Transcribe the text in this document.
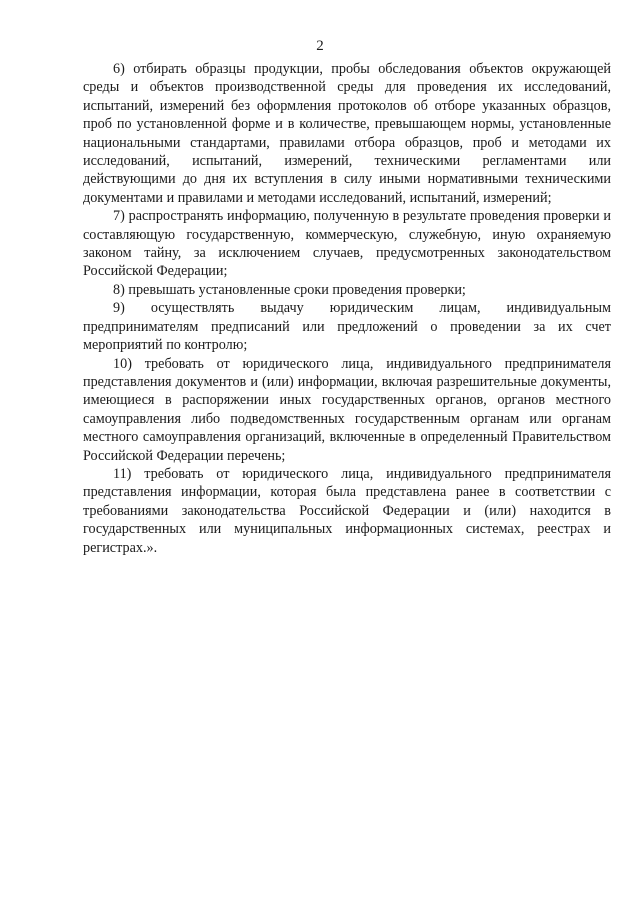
2

6) отбирать образцы продукции, пробы обследования объектов окружающей среды и объектов производственной среды для проведения их исследований, испытаний, измерений без оформления протоколов об отборе указанных образцов, проб по установленной форме и в количестве, превышающем нормы, установленные национальными стандартами, правилами отбора образцов, проб и методами их исследований, испытаний, измерений, техническими регламентами или действующими до дня их вступления в силу иными нормативными техническими документами и правилами и методами исследований, испытаний, измерений;

7) распространять информацию, полученную в результате проведения проверки и составляющую государственную, коммерческую, служебную, иную охраняемую законом тайну, за исключением случаев, предусмотренных законодательством Российской Федерации;

8) превышать установленные сроки проведения проверки;

9) осуществлять выдачу юридическим лицам, индивидуальным предпринимателям предписаний или предложений о проведении за их счет мероприятий по контролю;

10) требовать от юридического лица, индивидуального предпринимателя представления документов и (или) информации, включая разрешительные документы, имеющиеся в распоряжении иных государственных органов, органов местного самоуправления либо подведомственных государственным органам или органам местного самоуправления организаций, включенные в определенный Правительством Российской Федерации перечень;

11) требовать от юридического лица, индивидуального предпринимателя представления информации, которая была представлена ранее в соответствии с требованиями законодательства Российской Федерации и (или) находится в государственных или муниципальных информационных системах, реестрах и регистрах.».
